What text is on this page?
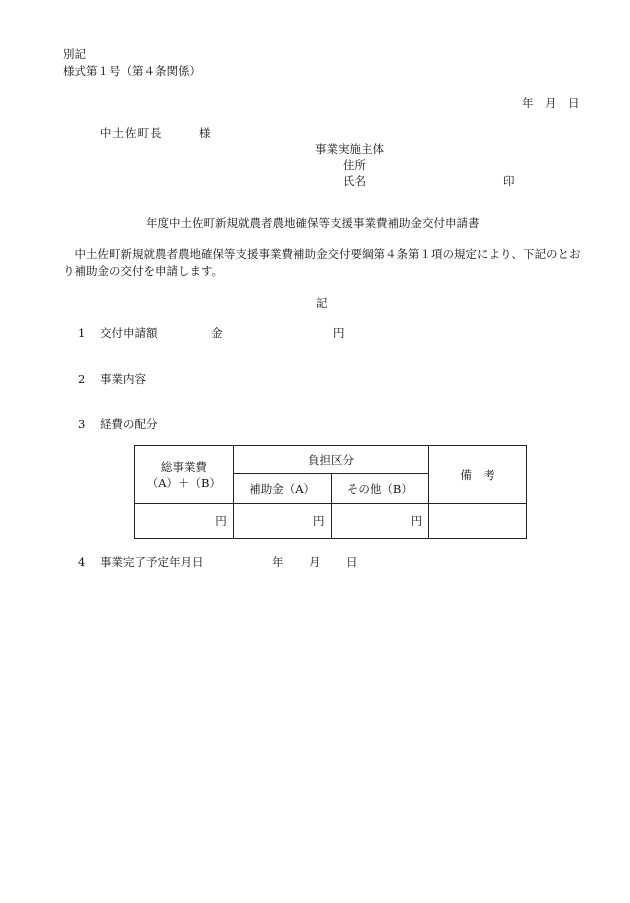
別記
様式第１号（第４条関係）
年　月　日
中土佐町長	様
事業実施主体
住所
氏名	印
年度中土佐町新規就農者農地確保等支援事業費補助金交付申請書
　中土佐町新規就農者農地確保等支援事業費補助金交付要綱第４条第１項の規定により、下記のとおり補助金の交付を申請します。
記
1 交付申請額	金	円
2 事業内容
3 経費の配分
総事業費
（A）＋（B）	負担区分		備　考
	補助金（A）	その他（B）	
円	円	円	
4 事業完了予定年月日	年 月 日
